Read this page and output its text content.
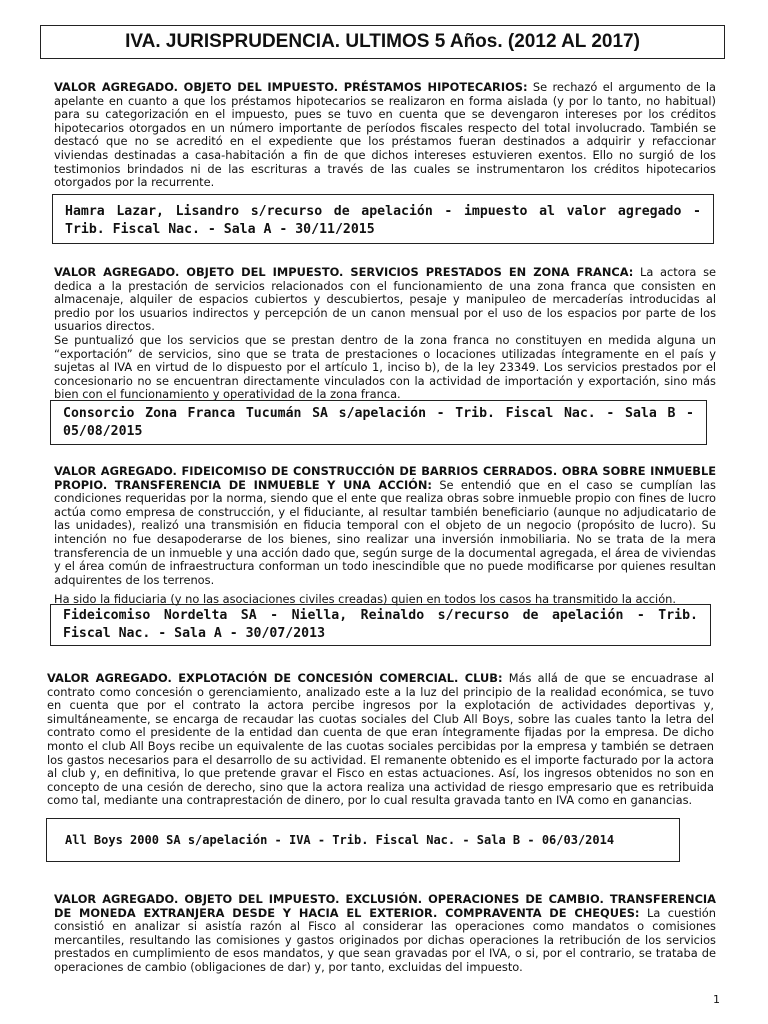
IVA. JURISPRUDENCIA. ULTIMOS 5 Años. (2012 AL 2017)

VALOR AGREGADO. OBJETO DEL IMPUESTO. PRÉSTAMOS HIPOTECARIOS: Se rechazó el argumento de la apelante en cuanto a que los préstamos hipotecarios se realizaron en forma aislada (y por lo tanto, no habitual) para su categorización en el impuesto, pues se tuvo en cuenta que se devengaron intereses por los créditos hipotecarios otorgados en un número importante de períodos fiscales respecto del total involucrado. También se destacó que no se acreditó en el expediente que los préstamos fueran destinados a adquirir y refaccionar viviendas destinadas a casa-habitación a fin de que dichos intereses estuvieren exentos. Ello no surgió de los testimonios brindados ni de las escrituras a través de las cuales se instrumentaron los créditos hipotecarios otorgados por la recurrente.

Hamra Lazar, Lisandro s/recurso de apelación - impuesto al valor agregado - Trib. Fiscal Nac. - Sala A - 30/11/2015

VALOR AGREGADO. OBJETO DEL IMPUESTO. SERVICIOS PRESTADOS EN ZONA FRANCA: La actora se dedica a la prestación de servicios relacionados con el funcionamiento de una zona franca que consisten en almacenaje, alquiler de espacios cubiertos y descubiertos, pesaje y manipuleo de mercaderías introducidas al predio por los usuarios indirectos y percepción de un canon mensual por el uso de los espacios por parte de los usuarios directos.

Se puntualizó que los servicios que se prestan dentro de la zona franca no constituyen en medida alguna un “exportación” de servicios, sino que se trata de prestaciones o locaciones utilizadas íntegramente en el país y sujetas al IVA en virtud de lo dispuesto por el artículo 1, inciso b), de la ley 23349. Los servicios prestados por el concesionario no se encuentran directamente vinculados con la actividad de importación y exportación, sino más bien con el funcionamiento y operatividad de la zona franca.

Consorcio Zona Franca Tucumán SA s/apelación - Trib. Fiscal Nac. - Sala B - 05/08/2015

VALOR AGREGADO. FIDEICOMISO DE CONSTRUCCIÓN DE BARRIOS CERRADOS. OBRA SOBRE INMUEBLE PROPIO. TRANSFERENCIA DE INMUEBLE Y UNA ACCIÓN: Se entendió que en el caso se cumplían las condiciones requeridas por la norma, siendo que el ente que realiza obras sobre inmueble propio con fines de lucro actúa como empresa de construcción, y el fiduciante, al resultar también beneficiario (aunque no adjudicatario de las unidades), realizó una transmisión en fiducia temporal con el objeto de un negocio (propósito de lucro). Su intención no fue desapoderarse de los bienes, sino realizar una inversión inmobiliaria. No se trata de la mera transferencia de un inmueble y una acción dado que, según surge de la documental agregada, el área de viviendas y el área común de infraestructura conforman un todo inescindible que no puede modificarse por quienes resultan adquirentes de los terrenos.

Ha sido la fiduciaria (y no las asociaciones civiles creadas) quien en todos los casos ha transmitido la acción.

Fideicomiso Nordelta SA - Niella, Reinaldo s/recurso de apelación - Trib. Fiscal Nac. - Sala A - 30/07/2013

VALOR AGREGADO. EXPLOTACIÓN DE CONCESIÓN COMERCIAL. CLUB: Más allá de que se encuadrase al contrato como concesión o gerenciamiento, analizado este a la luz del principio de la realidad económica, se tuvo en cuenta que por el contrato la actora percibe ingresos por la explotación de actividades deportivas y, simultáneamente, se encarga de recaudar las cuotas sociales del Club All Boys, sobre las cuales tanto la letra del contrato como el presidente de la entidad dan cuenta de que eran íntegramente fijadas por la empresa. De dicho monto el club All Boys recibe un equivalente de las cuotas sociales percibidas por la empresa y también se detraen los gastos necesarios para el desarrollo de su actividad. El remanente obtenido es el importe facturado por la actora al club y, en definitiva, lo que pretende gravar el Fisco en estas actuaciones. Así, los ingresos obtenidos no son en concepto de una cesión de derecho, sino que la actora realiza una actividad de riesgo empresario que es retribuida como tal, mediante una contraprestación de dinero, por lo cual resulta gravada tanto en IVA como en ganancias.

All Boys 2000 SA s/apelación - IVA - Trib. Fiscal Nac. - Sala B - 06/03/2014

VALOR AGREGADO. OBJETO DEL IMPUESTO. EXCLUSIÓN. OPERACIONES DE CAMBIO. TRANSFERENCIA DE MONEDA EXTRANJERA DESDE Y HACIA EL EXTERIOR. COMPRAVENTA DE CHEQUES: La cuestión consistió en analizar si asistía razón al Fisco al considerar las operaciones como mandatos o comisiones mercantiles, resultando las comisiones y gastos originados por dichas operaciones la retribución de los servicios prestados en cumplimiento de esos mandatos, y que sean gravadas por el IVA, o si, por el contrario, se trataba de operaciones de cambio (obligaciones de dar) y, por tanto, excluidas del impuesto.

1
